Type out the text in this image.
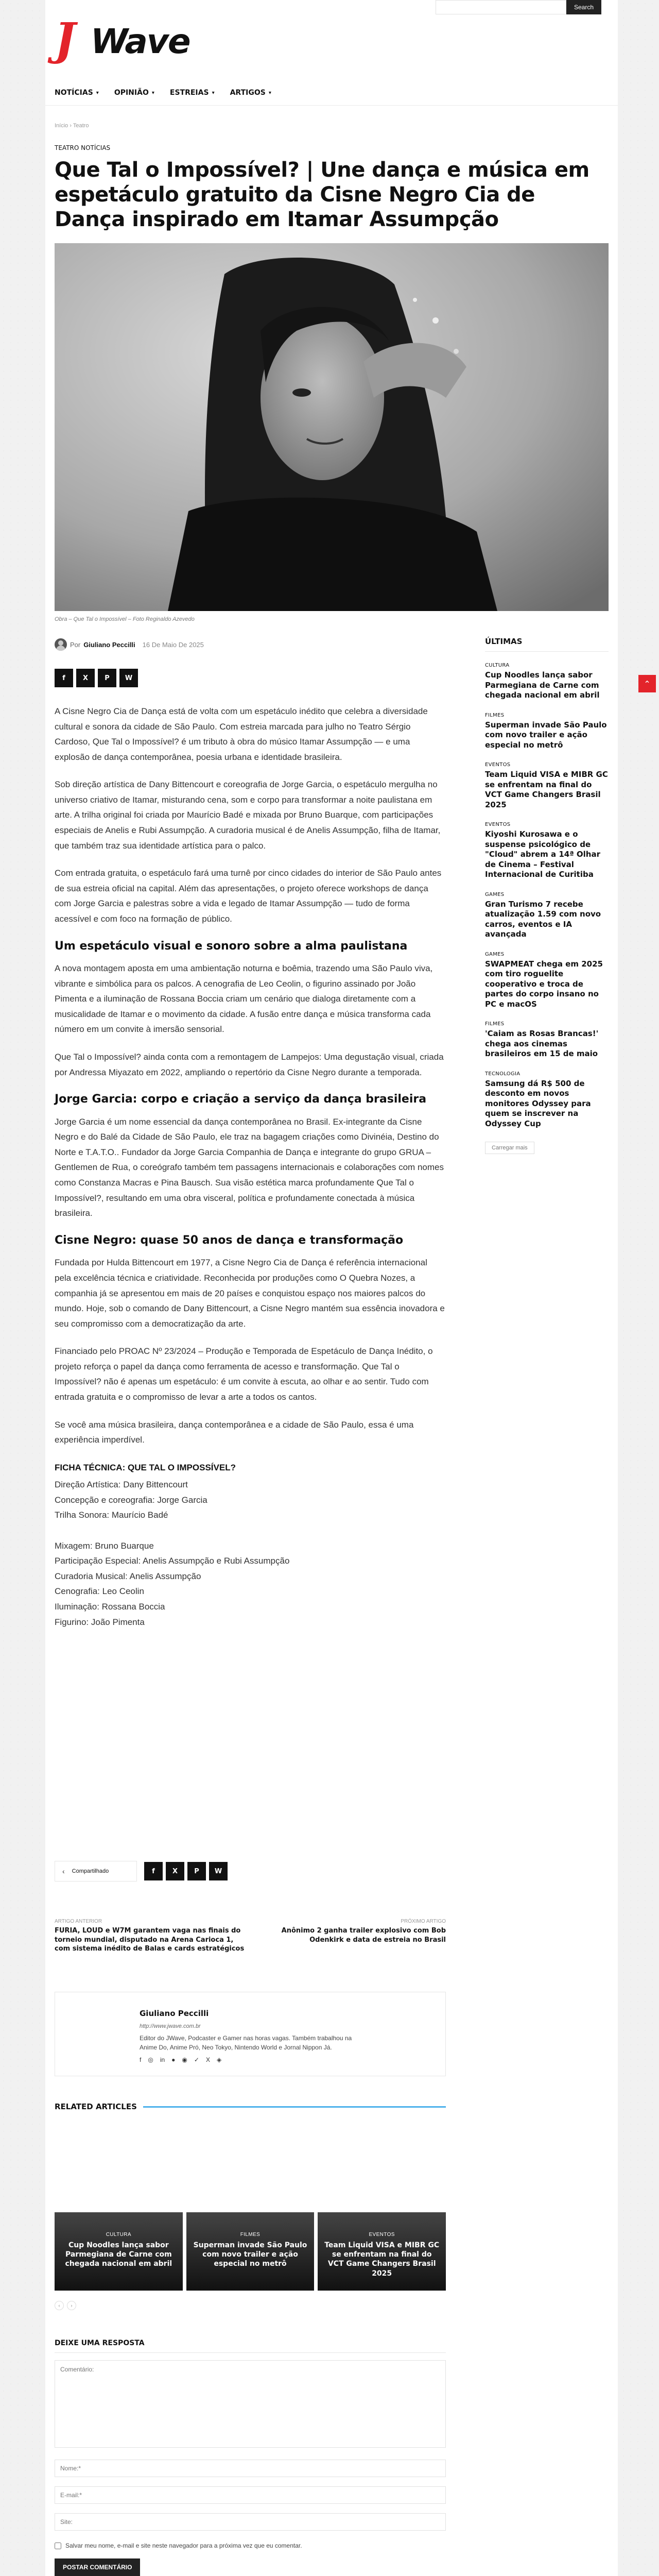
J Wave
Search
NOTÍCIAS ▾ OPINIÃO ▾ ESTREIAS ▾ ARTIGOS ▾
Início › Teatro
TEATRO NOTÍCIAS
Que Tal o Impossível? | Une dança e música em espetáculo gratuito da Cisne Negro Cia de Dança inspirado em Itamar Assumpção
Obra – Que Tal o Impossível – Foto Reginaldo Azevedo
Por Giuliano Peccilli 16 De Maio De 2025
f	X	P	W

A Cisne Negro Cia de Dança está de volta com um espetáculo inédito que celebra a diversidade cultural e sonora da cidade de São Paulo. Com estreia marcada para julho no Teatro Sérgio Cardoso, Que Tal o Impossível? é um tributo à obra do músico Itamar Assumpção — e uma explosão de dança contemporânea, poesia urbana e identidade brasileira.

Sob direção artística de Dany Bittencourt e coreografia de Jorge Garcia, o espetáculo mergulha no universo criativo de Itamar, misturando cena, som e corpo para transformar a noite paulistana em arte. A trilha original foi criada por Maurício Badé e mixada por Bruno Buarque, com participações especiais de Anelis e Rubi Assumpção. A curadoria musical é de Anelis Assumpção, filha de Itamar, que também traz sua identidade artística para o palco.

Com entrada gratuita, o espetáculo fará uma turnê por cinco cidades do interior de São Paulo antes de sua estreia oficial na capital. Além das apresentações, o projeto oferece workshops de dança com Jorge Garcia e palestras sobre a vida e legado de Itamar Assumpção — tudo de forma acessível e com foco na formação de público.

Um espetáculo visual e sonoro sobre a alma paulistana

A nova montagem aposta em uma ambientação noturna e boêmia, trazendo uma São Paulo viva, vibrante e simbólica para os palcos. A cenografia de Leo Ceolin, o figurino assinado por João Pimenta e a iluminação de Rossana Boccia criam um cenário que dialoga diretamente com a musicalidade de Itamar e o movimento da cidade. A fusão entre dança e música transforma cada número em um convite à imersão sensorial.

Que Tal o Impossível? ainda conta com a remontagem de Lampejos: Uma degustação visual, criada por Andressa Miyazato em 2022, ampliando o repertório da Cisne Negro durante a temporada.

Jorge Garcia: corpo e criação a serviço da dança brasileira

Jorge Garcia é um nome essencial da dança contemporânea no Brasil. Ex-integrante da Cisne Negro e do Balé da Cidade de São Paulo, ele traz na bagagem criações como Divinéia, Destino do Norte e T.A.T.O.. Fundador da Jorge Garcia Companhia de Dança e integrante do grupo GRUA – Gentlemen de Rua, o coreógrafo também tem passagens internacionais e colaborações com nomes como Constanza Macras e Pina Bausch. Sua visão estética marca profundamente Que Tal o Impossível?, resultando em uma obra visceral, política e profundamente conectada à música brasileira.

Cisne Negro: quase 50 anos de dança e transformação

Fundada por Hulda Bittencourt em 1977, a Cisne Negro Cia de Dança é referência internacional pela excelência técnica e criatividade. Reconhecida por produções como O Quebra Nozes, a companhia já se apresentou em mais de 20 países e conquistou espaço nos maiores palcos do mundo. Hoje, sob o comando de Dany Bittencourt, a Cisne Negro mantém sua essência inovadora e seu compromisso com a democratização da arte.

Financiado pelo PROAC Nº 23/2024 – Produção e Temporada de Espetáculo de Dança Inédito, o projeto reforça o papel da dança como ferramenta de acesso e transformação. Que Tal o Impossível? não é apenas um espetáculo: é um convite à escuta, ao olhar e ao sentir. Tudo com entrada gratuita e o compromisso de levar a arte a todos os cantos.

Se você ama música brasileira, dança contemporânea e a cidade de São Paulo, essa é uma experiência imperdível.

FICHA TÉCNICA: QUE TAL O IMPOSSÍVEL?
Direção Artística: Dany Bittencourt
Concepção e coreografia: Jorge Garcia
Trilha Sonora: Maurício Badé

Mixagem: Bruno Buarque
Participação Especial: Anelis Assumpção e Rubi Assumpção
Curadoria Musical: Anelis Assumpção
Cenografia: Leo Ceolin
Iluminação: Rossana Boccia
Figurino: João Pimenta
ÚLTIMAS
CULTURA
Cup Noodles lança sabor Parmegiana de Carne com chegada nacional em abril
FILMES
Superman invade São Paulo com novo trailer e ação especial no metrô
EVENTOS
Team Liquid VISA e MIBR GC se enfrentam na final do VCT Game Changers Brasil 2025
EVENTOS
Kiyoshi Kurosawa e o suspense psicológico de "Cloud" abrem a 14ª Olhar de Cinema – Festival Internacional de Curitiba
GAMES
Gran Turismo 7 recebe atualização 1.59 com novo carros, eventos e IA avançada
GAMES
SWAPMEAT chega em 2025 com tiro roguelite cooperativo e troca de partes do corpo insano no PC e macOS
FILMES
'Caiam as Rosas Brancas!' chega aos cinemas brasileiros em 15 de maio
TECNOLOGIA
Samsung dá R$ 500 de desconto em novos monitores Odyssey para quem se inscrever na Odyssey Cup
Carregar mais
‹ Compartilhado	f	X	P	W
ARTIGO ANTERIOR
FURIA, LOUD e W7M garantem vaga nas finais do torneio mundial, disputado na Arena Carioca 1, com sistema inédito de Balas e cards estratégicos
PRÓXIMO ARTIGO
Anônimo 2 ganha trailer explosivo com Bob Odenkirk e data de estreia no Brasil
Giuliano Peccilli
http://www.jwave.com.br
Editor do JWave, Podcaster e Gamer nas horas vagas. Também trabalhou na Anime Do, Anime Pró, Neo Tokyo, Nintendo World e Jornal Nippon Já.
f ◎ in ● ◉ ✓ X ◈
RELATED ARTICLES
CULTURA
Cup Noodles lança sabor Parmegiana de Carne com chegada nacional em abril
FILMES
Superman invade São Paulo com novo trailer e ação especial no metrô
EVENTOS
Team Liquid VISA e MIBR GC se enfrentam na final do VCT Game Changers Brasil 2025
‹	›
DEIXE UMA RESPOSTA
Comentário:
Nome:*
E-mail:*
Site:
Salvar meu nome, e-mail e site neste navegador para a próxima vez que eu comentar.
POSTAR COMENTÁRIO
⌃
